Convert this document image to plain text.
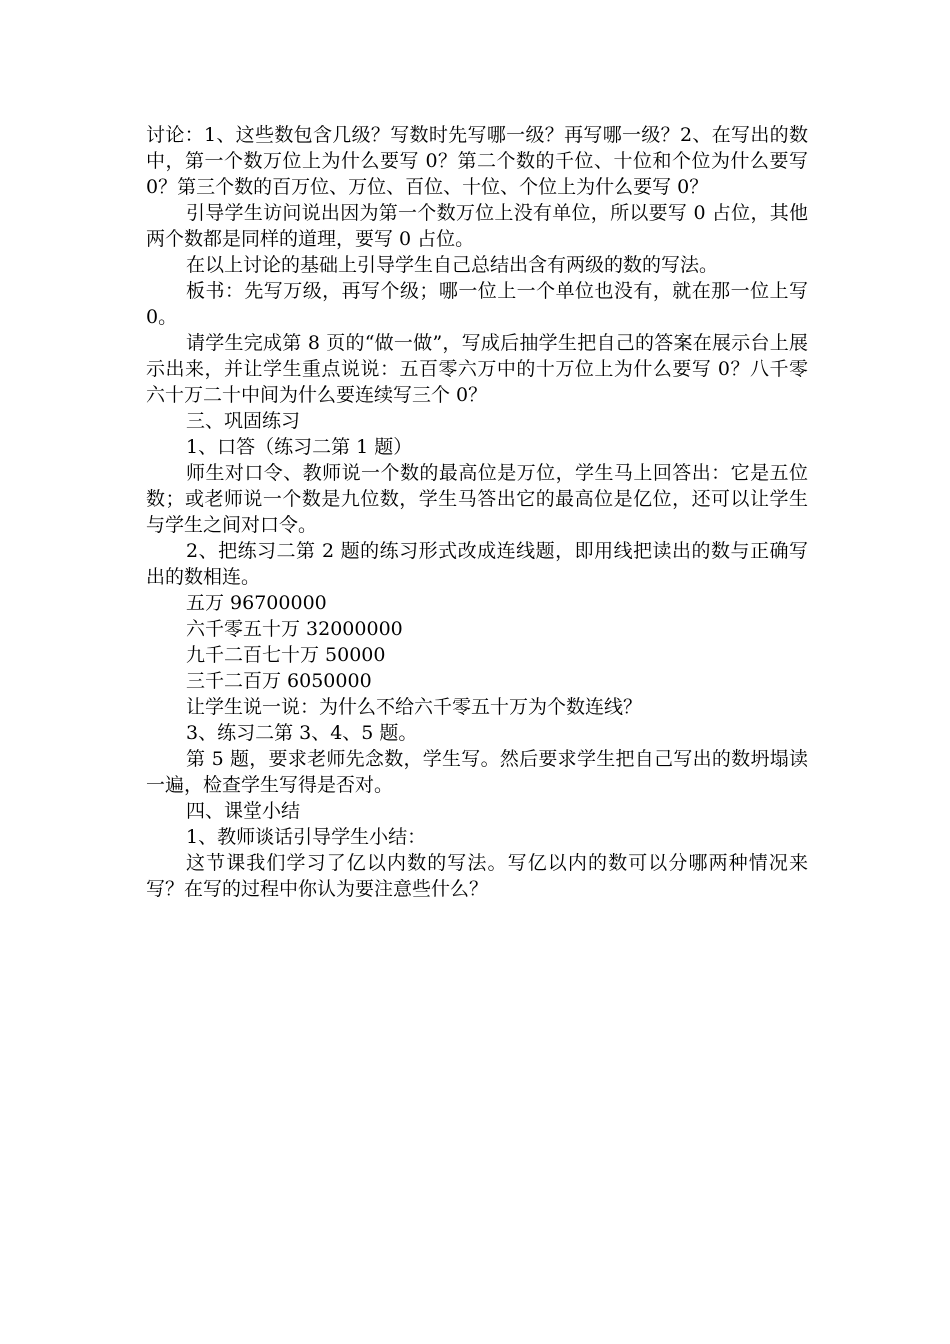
讨论：1、这些数包含几级？写数时先写哪一级？再写哪一级？2、在写出的数中，第一个数万位上为什么要写 0？第二个数的千位、十位和个位为什么要写 0？第三个数的百万位、万位、百位、十位、个位上为什么要写 0？

引导学生访问说出因为第一个数万位上没有单位，所以要写 0 占位，其他两个数都是同样的道理，要写 0 占位。

在以上讨论的基础上引导学生自己总结出含有两级的数的写法。

板书：先写万级，再写个级；哪一位上一个单位也没有，就在那一位上写 0。

请学生完成第 8 页的“做一做”，写成后抽学生把自己的答案在展示台上展示出来，并让学生重点说说：五百零六万中的十万位上为什么要写 0？八千零六十万二十中间为什么要连续写三个 0？

三、巩固练习

1、口答（练习二第 1 题）

师生对口令、教师说一个数的最高位是万位，学生马上回答出：它是五位数；或老师说一个数是九位数，学生马答出它的最高位是亿位，还可以让学生与学生之间对口令。

2、把练习二第 2 题的练习形式改成连线题，即用线把读出的数与正确写出的数相连。

五万 96700000

六千零五十万 32000000

九千二百七十万 50000

三千二百万 6050000

让学生说一说：为什么不给六千零五十万为个数连线？

3、练习二第 3、4、5 题。

第 5 题，要求老师先念数，学生写。然后要求学生把自己写出的数坍塌读一遍，检查学生写得是否对。

四、课堂小结

1、教师谈话引导学生小结：

这节课我们学习了亿以内数的写法。写亿以内的数可以分哪两种情况来写？在写的过程中你认为要注意些什么？
